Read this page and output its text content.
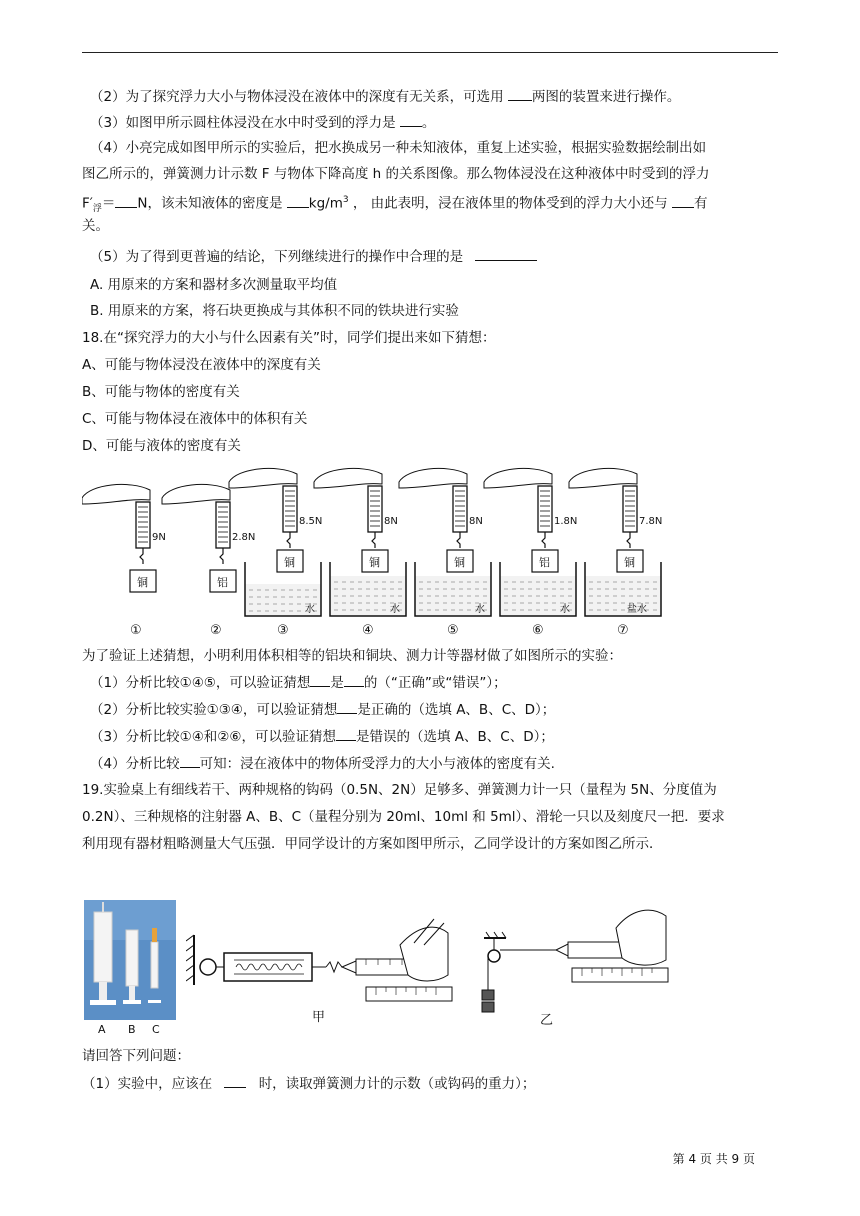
（2）为了探究浮力大小与物体浸没在液体中的深度有无关系，可选用 两图的装置来进行操作。
（3）如图甲所示圆柱体浸没在水中时受到的浮力是 。
（4）小亮完成如图甲所示的实验后，把水换成另一种未知液体，重复上述实验，根据实验数据绘制出如
图乙所示的，弹簧测力计示数 F 与物体下降高度 h 的关系图像。那么物体浸没在这种液体中时受到的浮力
$F'_浮= N$，该未知液体的密度是 $kg/m^3$ ， 由此表明，浸在液体里的物体受到的浮力大小还与 有
关。
（5）为了得到更普遍的结论，下列继续进行的操作中合理的是
A. 用原来的方案和器材多次测量取平均值
B. 用原来的方案，将石块更换成与其体积不同的铁块进行实验
18.在“探究浮力的大小与什么因素有关”时，同学们提出来如下猜想：
A、可能与物体浸没在液体中的深度有关
B、可能与物体的密度有关
C、可能与物体浸在液体中的体积有关
D、可能与液体的密度有关
9N
铜
①
2.8N
铝
②
8.5N
铜
水
③
8N
铜
水
④
8N
铜
水
⑤
1.8N
铝
水
⑥
7.8N
铜
盐水
⑦
为了验证上述猜想，小明利用体积相等的铝块和铜块、测力计等器材做了如图所示的实验：
（1）分析比较①④⑤，可以验证猜想 是 的（“正确”或“错误”）；
（2）分析比较实验①③④，可以验证猜想 是正确的（选填 A、B、C、D）；
（3）分析比较①④和②⑥，可以验证猜想 是错误的（选填 A、B、C、D）；
（4）分析比较 可知：浸在液体中的物体所受浮力的大小与液体的密度有关.
19.实验桌上有细线若干、两种规格的钩码（0.5N、2N）足够多、弹簧测力计一只（量程为 5N、分度值为
0.2N）、三种规格的注射器 A、B、C（量程分别为 20ml、10ml 和 5ml）、滑轮一只以及刻度尺一把．要求
利用现有器材粗略测量大气压强．甲同学设计的方案如图甲所示，乙同学设计的方案如图乙所示．
A B C
甲	乙
请回答下列问题：
（1）实验中，应该在	时，读取弹簧测力计的示数（或钩码的重力）；
第 4 页 共 9 页
